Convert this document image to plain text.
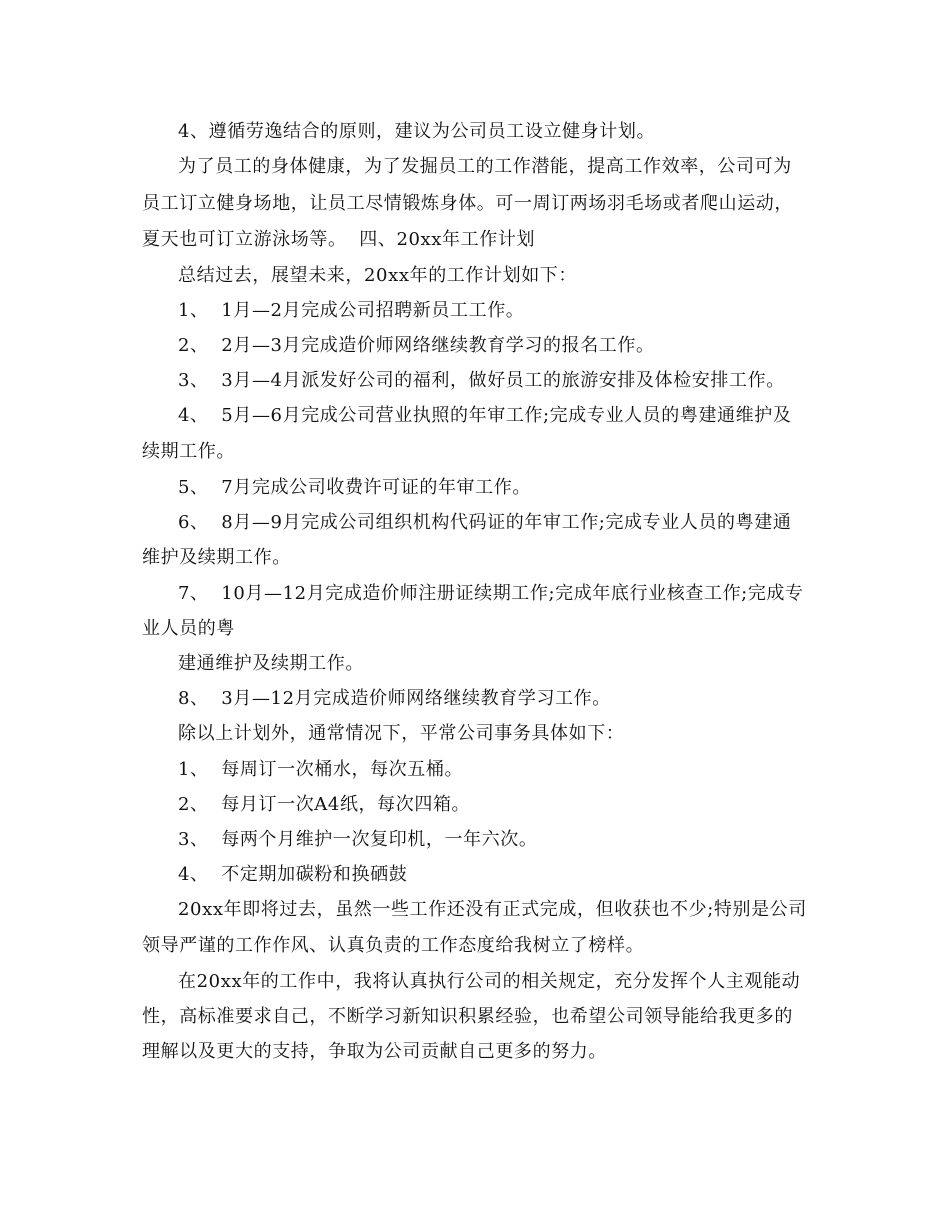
4、遵循劳逸结合的原则，建议为公司员工设立健身计划。
为了员工的身体健康，为了发掘员工的工作潜能，提高工作效率，公司可为
员工订立健身场地，让员工尽情锻炼身体。可一周订两场羽毛场或者爬山运动，
夏天也可订立游泳场等。  四、20xx年工作计划
总结过去，展望未来，20xx年的工作计划如下：
1、  1月—2月完成公司招聘新员工工作。
2、  2月—3月完成造价师网络继续教育学习的报名工作。
3、  3月—4月派发好公司的福利，做好员工的旅游安排及体检安排工作。
4、  5月—6月完成公司营业执照的年审工作;完成专业人员的粤建通维护及
续期工作。
5、  7月完成公司收费许可证的年审工作。
6、  8月—9月完成公司组织机构代码证的年审工作;完成专业人员的粤建通
维护及续期工作。
7、  10月—12月完成造价师注册证续期工作;完成年底行业核查工作;完成专
业人员的粤
建通维护及续期工作。
8、  3月—12月完成造价师网络继续教育学习工作。
除以上计划外，通常情况下，平常公司事务具体如下：
1、  每周订一次桶水，每次五桶。
2、  每月订一次A4纸，每次四箱。
3、  每两个月维护一次复印机，一年六次。
4、  不定期加碳粉和换硒鼓
20xx年即将过去，虽然一些工作还没有正式完成，但收获也不少;特别是公司
领导严谨的工作作风、认真负责的工作态度给我树立了榜样。
在20xx年的工作中，我将认真执行公司的相关规定，充分发挥个人主观能动
性，高标准要求自己，不断学习新知识积累经验，也希望公司领导能给我更多的
理解以及更大的支持，争取为公司贡献自己更多的努力。
